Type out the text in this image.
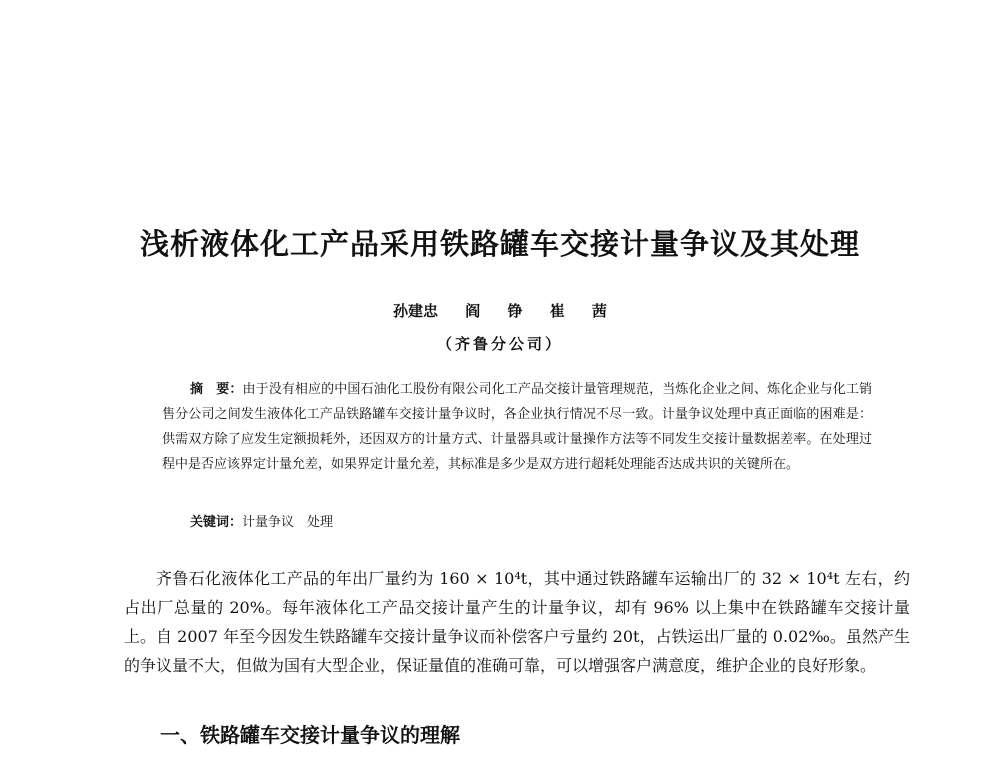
浅析液体化工产品采用铁路罐车交接计量争议及其处理
孙建忠 阎 铮 崔 茜
（齐鲁分公司）
摘　要：由于没有相应的中国石油化工股份有限公司化工产品交接计量管理规范，当炼化企业之间、炼化企业与化工销售分公司之间发生液体化工产品铁路罐车交接计量争议时，各企业执行情况不尽一致。计量争议处理中真正面临的困难是：供需双方除了应发生定额损耗外，还因双方的计量方式、计量器具或计量操作方法等不同发生交接计量数据差率。在处理过程中是否应该界定计量允差，如果界定计量允差，其标准是多少是双方进行超耗处理能否达成共识的关键所在。
关键词：计量争议　处理
齐鲁石化液体化工产品的年出厂量约为 160 × 10⁴t，其中通过铁路罐车运输出厂的 32 × 10⁴t 左右，约占出厂总量的 20%。每年液体化工产品交接计量产生的计量争议，却有 96% 以上集中在铁路罐车交接计量上。自 2007 年至今因发生铁路罐车交接计量争议而补偿客户亏量约 20t，占铁运出厂量的 0.02‰。虽然产生的争议量不大，但做为国有大型企业，保证量值的准确可靠，可以增强客户满意度，维护企业的良好形象。
一、铁路罐车交接计量争议的理解
